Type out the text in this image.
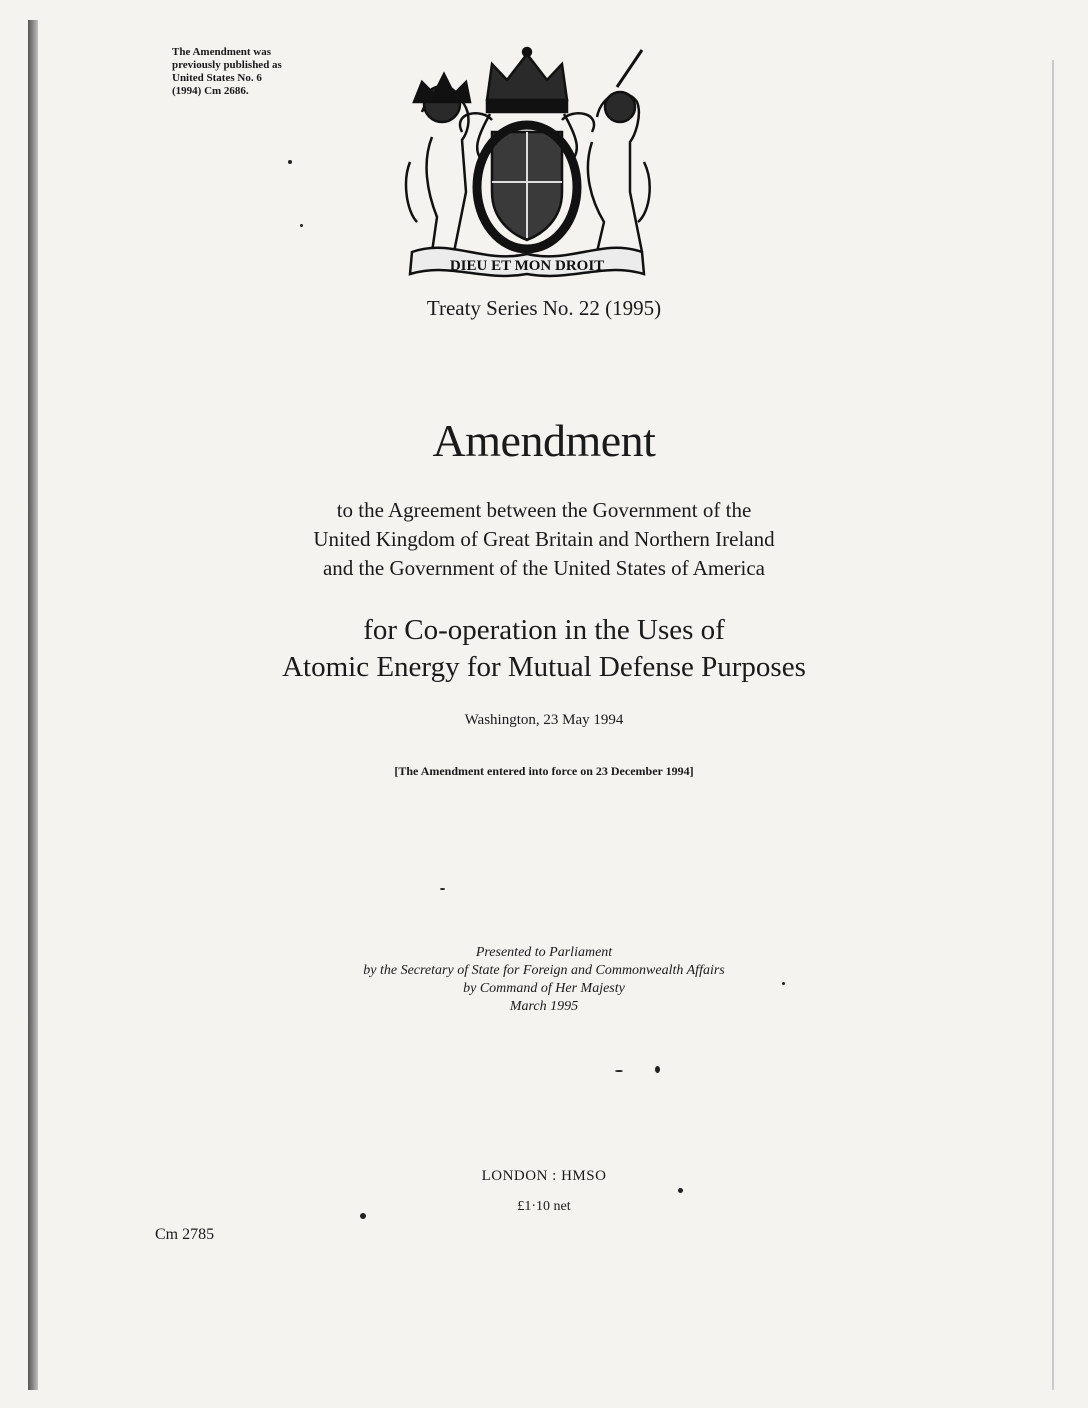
The Amendment was
previously published as
United States No. 6
(1994) Cm 2686.
DIEU ET MON DROIT
Treaty Series No. 22 (1995)
Amendment
to the Agreement between the Government of the
United Kingdom of Great Britain and Northern Ireland
and the Government of the United States of America
for Co-operation in the Uses of
Atomic Energy for Mutual Defense Purposes
Washington, 23 May 1994
[The Amendment entered into force on 23 December 1994]
Presented to Parliament
by the Secretary of State for Foreign and Commonwealth Affairs
by Command of Her Majesty
March 1995
LONDON : HMSO
£1·10 net
Cm 2785
